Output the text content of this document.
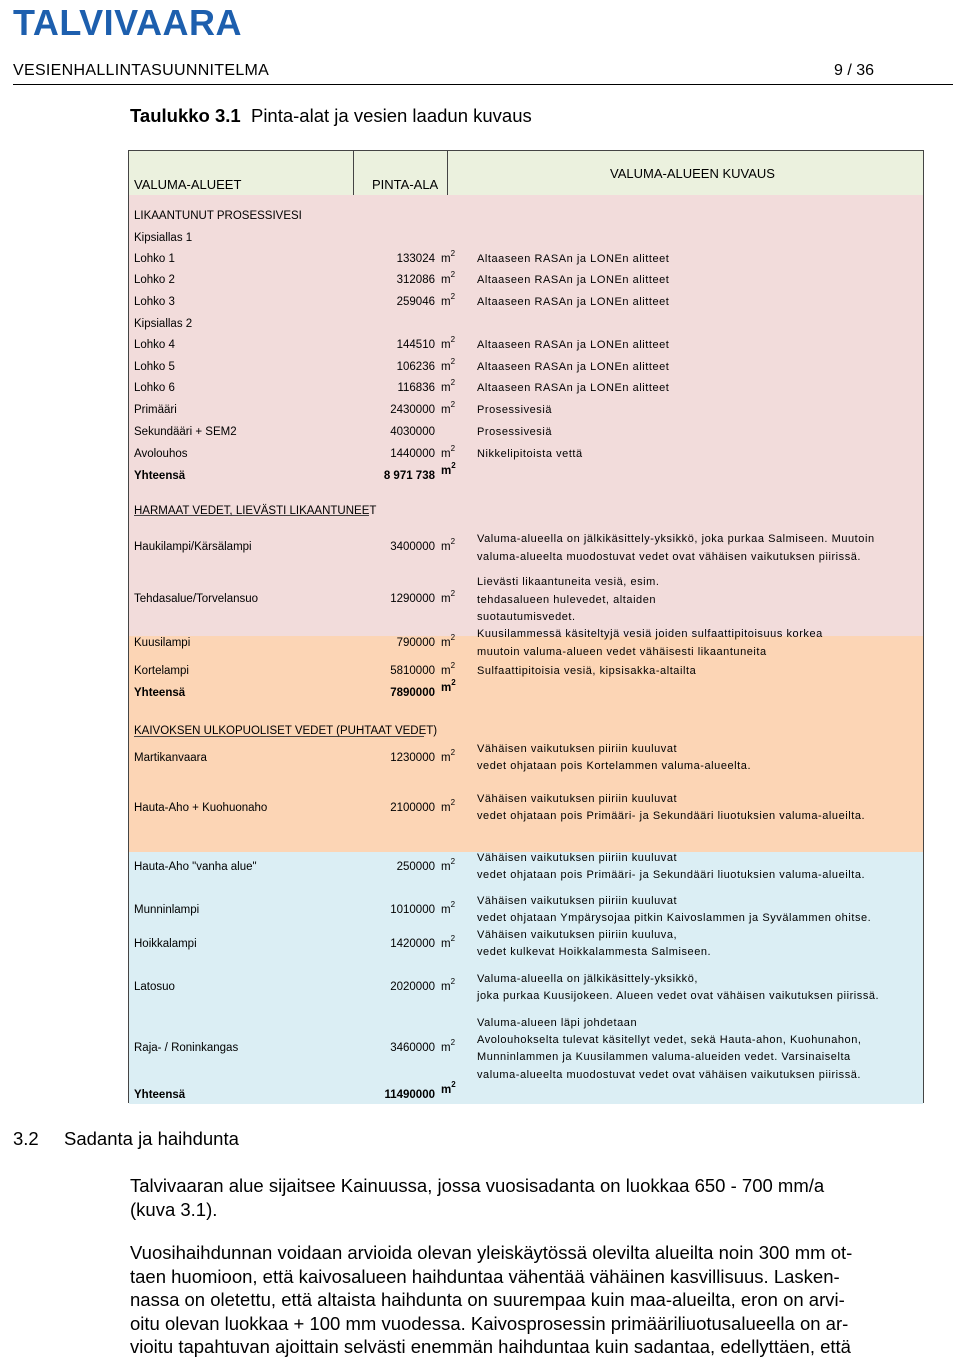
TALVIVAARA
VESIENHALLINTASUUNNITELMA	9 / 36
Taulukko 3.1 Pinta-alat ja vesien laadun kuvaus
VALUMA-ALUEET	PINTA-ALA
VALUMA-ALUEEN KUVAUS
LIKAANTUNUT PROSESSIVESI
HARMAAT VEDET, LIEVÄSTI LIKAANTUNEET
KAIVOKSEN ULKOPUOLISET VEDET (PUHTAAT VEDET)
Kipsiallas 1
Lohko 1	133024 $m^2$ Altaaseen RASAn ja LONEn alitteet
Lohko 2	312086 $m^2$ Altaaseen RASAn ja LONEn alitteet
Lohko 3	259046 $m^2$ Altaaseen RASAn ja LONEn alitteet
Kipsiallas 2
Lohko 4	144510 $m^2$ Altaaseen RASAn ja LONEn alitteet
Lohko 5	106236 $m^2$ Altaaseen RASAn ja LONEn alitteet
Lohko 6	116836 $m^2$ Altaaseen RASAn ja LONEn alitteet
Primääri	2430000 $m^2$ Prosessivesiä
Sekundääri + SEM2	4030000	Prosessivesiä
Avolouhos	1440000 $m^2$ Nikkelipitoista vettä
Yhteensä	8 971 738 $m^2$
Haukilampi/Kärsälampi	3400000 $m^2$ Valuma-alueella on jälkikäsittely-yksikkö, joka purkaa Salmiseen. Muutoin
valuma-alueelta muodostuvat vedet ovat vähäisen vaikutuksen piirissä.
Tehdasalue/Torvelansuo	1290000 $m^2$
Lievästi likaantuneita vesiä, esim.
tehdasalueen hulevedet, altaiden
suotautumisvedet.
Kuusilampi	790000 $m^2$ Kuusilammessä käsiteltyjä vesiä joiden sulfaattipitoisuus korkea
muutoin valuma-alueen vedet vähäisesti likaantuneita
Kortelampi	5810000 $m^2$ Sulfaattipitoisia vesiä, kipsisakka-altailta
Yhteensä	7890000 $m^2$
Martikanvaara	1230000 $m^2$ Vähäisen vaikutuksen piiriin kuuluvat
vedet ohjataan pois Kortelammen valuma-alueelta.
Hauta-Aho + Kuohuonaho	2100000 $m^2$ Vähäisen vaikutuksen piiriin kuuluvat
vedet ohjataan pois Primääri- ja Sekundääri liuotuksien valuma-alueilta.
Hauta-Aho "vanha alue"	250000 $m^2$ Vähäisen vaikutuksen piiriin kuuluvat
vedet ohjataan pois Primääri- ja Sekundääri liuotuksien valuma-alueilta.
Munninlampi	1010000 $m^2$ Vähäisen vaikutuksen piiriin kuuluvat
vedet ohjataan Ympärysojaa pitkin Kaivoslammen ja Syvälammen ohitse.
Hoikkalampi	1420000 $m^2$ Vähäisen vaikutuksen piiriin kuuluva,
vedet kulkevat Hoikkalammesta Salmiseen.
Latosuo	2020000 $m^2$ Valuma-alueella on jälkikäsittely-yksikkö,
joka purkaa Kuusijokeen. Alueen vedet ovat vähäisen vaikutuksen piirissä.
Raja- / Roninkangas	3460000 $m^2$
Valuma-alueen läpi johdetaan
Avolouhokselta tulevat käsitellyt vedet, sekä Hauta-ahon, Kuohunahon,
Munninlammen ja Kuusilammen valuma-alueiden vedet. Varsinaiselta
valuma-alueelta muodostuvat vedet ovat vähäisen vaikutuksen piirissä.
Yhteensä	11490000 $m^2$
3.2 Sadanta ja haihdunta
Talvivaaran alue sijaitsee Kainuussa, jossa vuosisadanta on luokkaa 650 - 700 mm/a
(kuva 3.1).
Vuosihaihdunnan voidaan arvioida olevan yleiskäytössä olevilta alueilta noin 300 mm ot-
taen huomioon, että kaivosalueen haihduntaa vähentää vähäinen kasvillisuus. Lasken-
nassa on oletettu, että altaista haihdunta on suurempaa kuin maa-alueilta, eron on arvi-
oitu olevan luokkaa + 100 mm vuodessa. Kaivosprosessin primääriliuotusalueella on ar-
vioitu tapahtuvan ajoittain selvästi enemmän haihduntaa kuin sadantaa, edellyttäen, että
